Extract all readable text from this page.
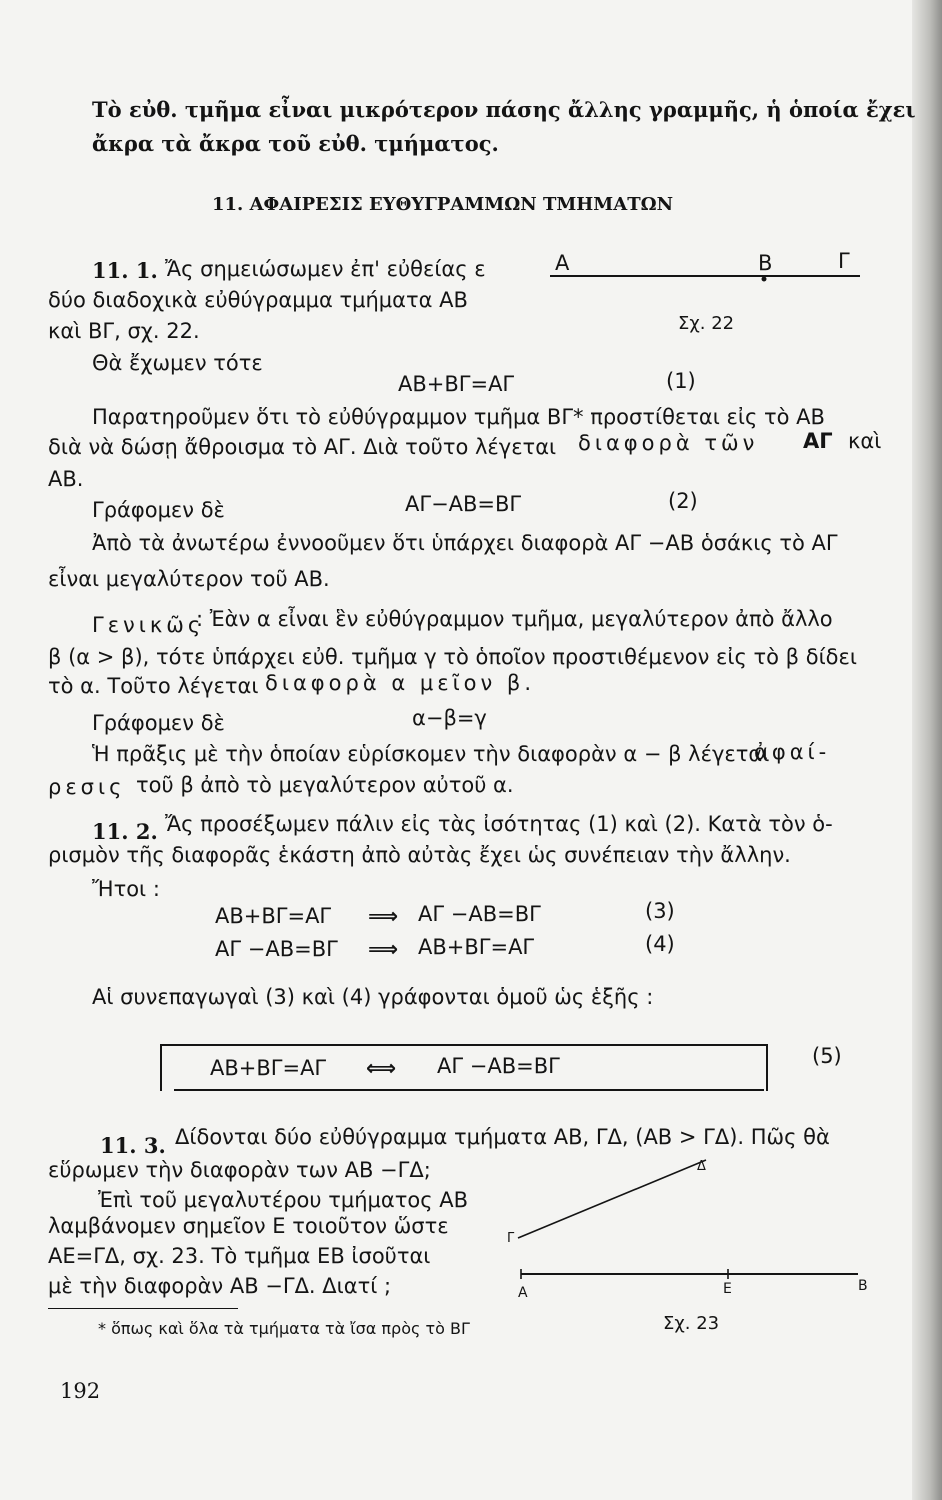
Τὸ εὐθ. τμῆμα εἶναι μικρότερον πάσης ἄλλης γραμμῆς, ἡ ὁποία ἔχει
ἄκρα τὰ ἄκρα τοῦ εὐθ. τμήματος.
11. ΑΦΑΙΡΕΣΙΣ ΕΥΘΥΓΡΑΜΜΩΝ ΤΜΗΜΑΤΩΝ
11. 1. Ἄς σημειώσωμεν ἐπ' εὐθείας ε
δύο διαδοχικὰ εὐθύγραμμα τμήματα ΑΒ
καὶ ΒΓ, σχ. 22.
Θὰ ἔχωμεν τότε
Α	Β	Γ
Σχ. 22
ΑΒ+ΒΓ=ΑΓ	(1)
Παρατηροῦμεν ὅτι τὸ εὐθύγραμμον τμῆμα ΒΓ* προστίθεται εἰς τὸ ΑΒ
διὰ νὰ δώσῃ ἄθροισμα τὸ ΑΓ. Διὰ τοῦτο λέγεται διαφορὰ τῶν ΑΓ καὶ
ΑΒ.
Γράφομεν δὲ	ΑΓ−ΑΒ=ΒΓ	(2)
Ἀπὸ τὰ ἀνωτέρω ἐννοοῦμεν ὅτι ὑπάρχει διαφορὰ ΑΓ −ΑΒ ὁσάκις τὸ ΑΓ
εἶναι μεγαλύτερον τοῦ ΑΒ.
Γενικῶς
: Ἐὰν α εἶναι ἓν εὐθύγραμμον τμῆμα, μεγαλύτερον ἀπὸ ἄλλο
β (α > β), τότε ὑπάρχει εὐθ. τμῆμα γ τὸ ὁποῖον προστιθέμενον εἰς τὸ β δίδει
τὸ α. Τοῦτο λέγεται διαφορὰ α μεῖον β.
Γράφομεν δὲ	α−β=γ
Ἡ πρᾶξις μὲ τὴν ὁποίαν εὑρίσκομεν τὴν διαφορὰν α − β λέγεται
ἀφαί-
ρεσις τοῦ β ἀπὸ τὸ μεγαλύτερον αὐτοῦ α.
11. 2. Ἄς προσέξωμεν πάλιν εἰς τὰς ἰσότητας (1) καὶ (2). Κατὰ τὸν ὁ-
ρισμὸν τῆς διαφορᾶς ἑκάστη ἀπὸ αὐτὰς ἔχει ὡς συνέπειαν τὴν ἄλλην.
Ἤτοι :
ΑΒ+ΒΓ=ΑΓ ⟹ ΑΓ −ΑΒ=ΒΓ	(3)
ΑΓ −ΑΒ=ΒΓ ⟹ ΑΒ+ΒΓ=ΑΓ	(4)
Αἱ συνεπαγωγαὶ (3) καὶ (4) γράφονται ὁμοῦ ὡς ἑξῆς :
ΑΒ+ΒΓ=ΑΓ ⟺ ΑΓ −ΑΒ=ΒΓ	(5)
11. 3. Δίδονται δύο εὐθύγραμμα τμήματα ΑΒ, ΓΔ, (ΑΒ > ΓΔ). Πῶς θὰ
εὕρωμεν τὴν διαφορὰν των ΑΒ −ΓΔ;
Ἐπὶ τοῦ μεγαλυτέρου τμήματος ΑΒ
λαμβάνομεν σημεῖον Ε τοιοῦτον ὥστε
ΑΕ=ΓΔ, σχ. 23. Τὸ τμῆμα ΕΒ ἰσοῦται
μὲ τὴν διαφορὰν ΑΒ −ΓΔ. Διατί ;
Δ
Γ
Α	Ε	Β
Σχ. 23
* ὅπως καὶ ὅλα τὰ τμήματα τὰ ἴσα πρὸς τὸ ΒΓ
192
